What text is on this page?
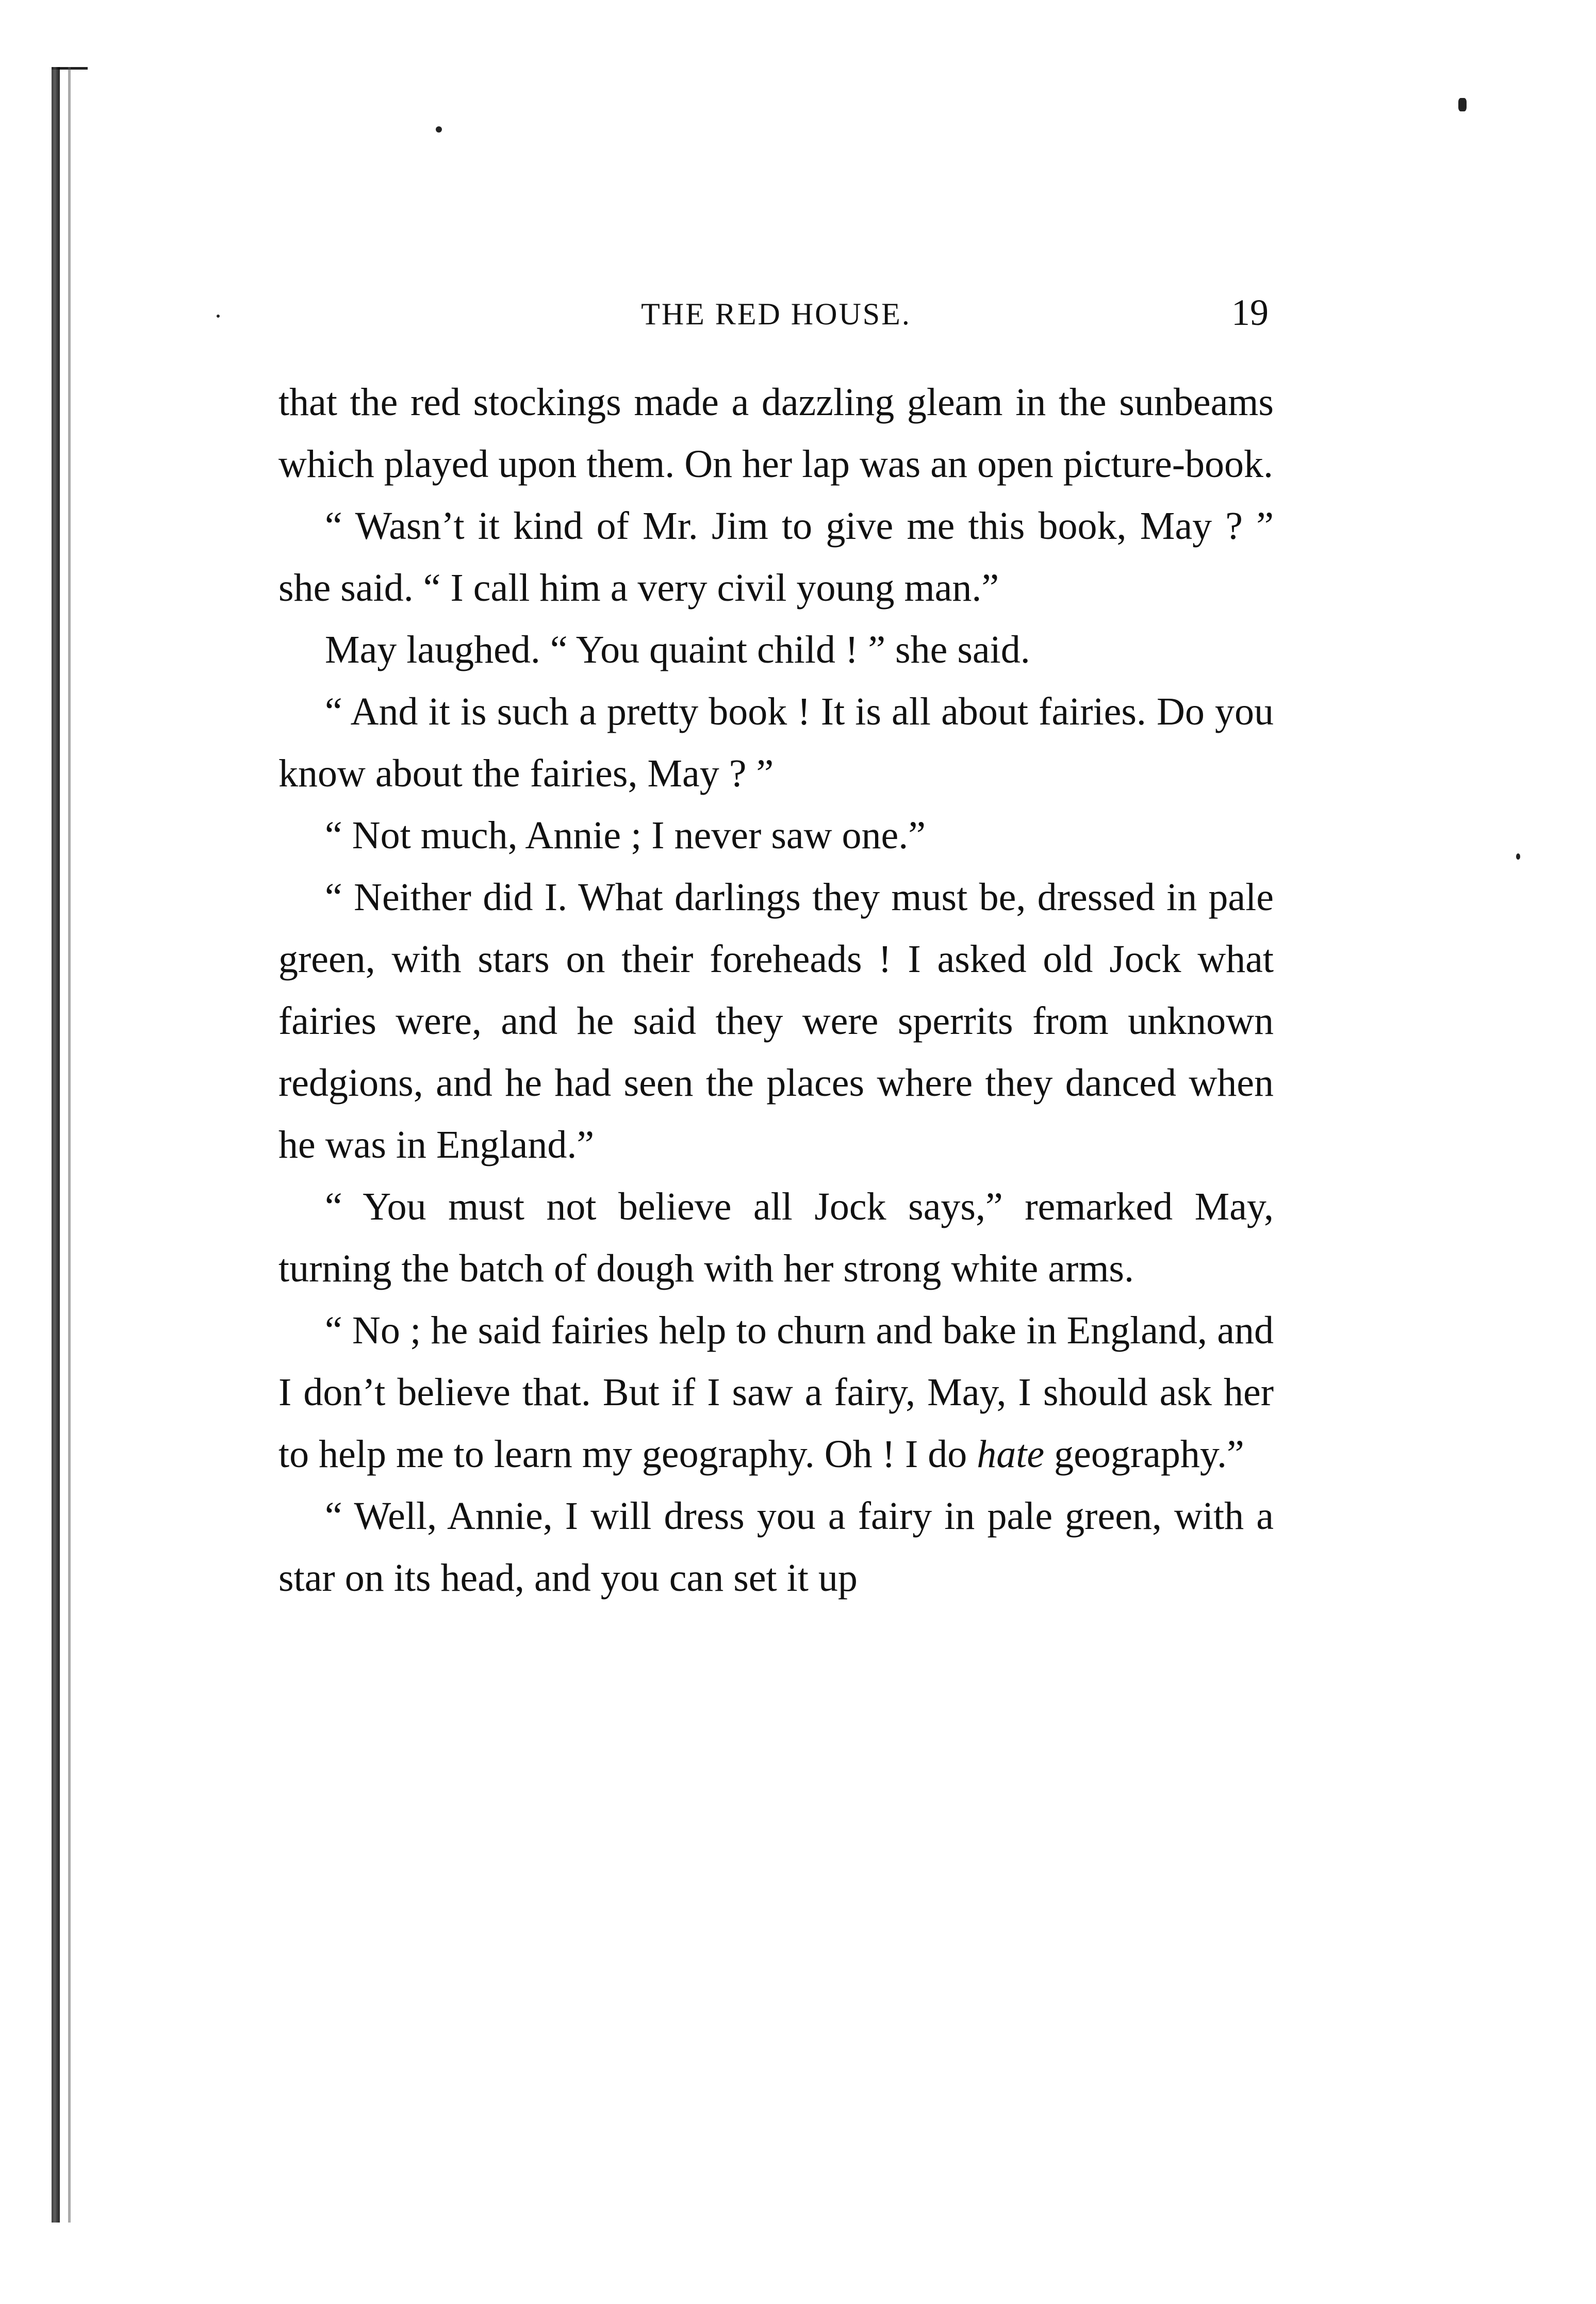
THE RED HOUSE.	19

that the red stockings made a dazzling gleam in the sunbeams which played upon them. On her lap was an open picture-book.

“ Wasn’t it kind of Mr. Jim to give me this book, May ? ” she said. “ I call him a very civil young man.”

May laughed. “ You quaint child ! ” she said.

“ And it is such a pretty book ! It is all about fairies. Do you know about the fairies, May ? ”

“ Not much, Annie ; I never saw one.”

“ Neither did I. What darlings they must be, dressed in pale green, with stars on their foreheads ! I asked old Jock what fairies were, and he said they were sperrits from unknown redgions, and he had seen the places where they danced when he was in England.”

“ You must not believe all Jock says,” remarked May, turning the batch of dough with her strong white arms.

“ No ; he said fairies help to churn and bake in England, and I don’t believe that. But if I saw a fairy, May, I should ask her to help me to learn my geography. Oh ! I do hate geography.”

“ Well, Annie, I will dress you a fairy in pale green, with a star on its head, and you can set it up
